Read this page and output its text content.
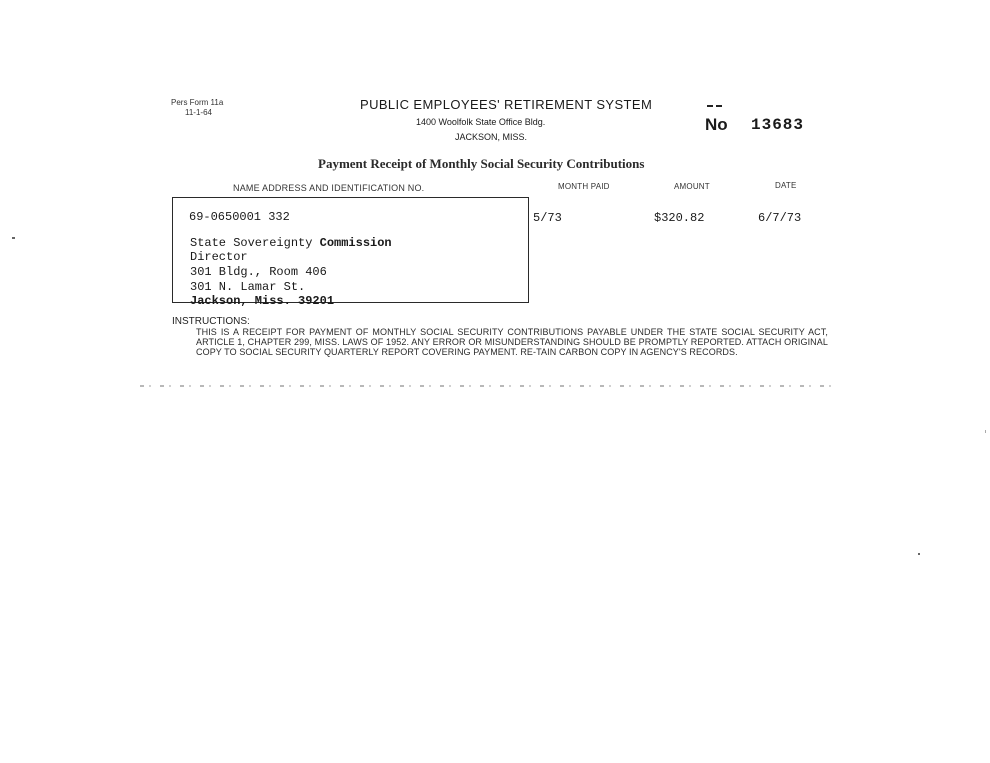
Pers Form 11a
11-1-64
PUBLIC EMPLOYEES' RETIREMENT SYSTEM
1400 Woolfolk State Office Bldg.
JACKSON, MISS.
No 13683
Payment Receipt of Monthly Social Security Contributions
NAME ADDRESS AND IDENTIFICATION NO.	MONTH PAID	AMOUNT	DATE
69-0650001 332
State Sovereignty Commission
Director
301 Bldg., Room 406
301 N. Lamar St.
Jackson, Miss. 39201
5/73	$320.82	6/7/73
INSTRUCTIONS:
THIS IS A RECEIPT FOR PAYMENT OF MONTHLY SOCIAL SECURITY CONTRIBUTIONS PAYABLE UNDER THE STATE SOCIAL SECURITY ACT, ARTICLE 1, CHAPTER 299, MISS. LAWS OF 1952. ANY ERROR OR MISUNDERSTANDING SHOULD BE PROMPTLY REPORTED. ATTACH ORIGINAL COPY TO SOCIAL SECURITY QUARTERLY REPORT COVERING PAYMENT. RE-TAIN CARBON COPY IN AGENCY'S RECORDS.
